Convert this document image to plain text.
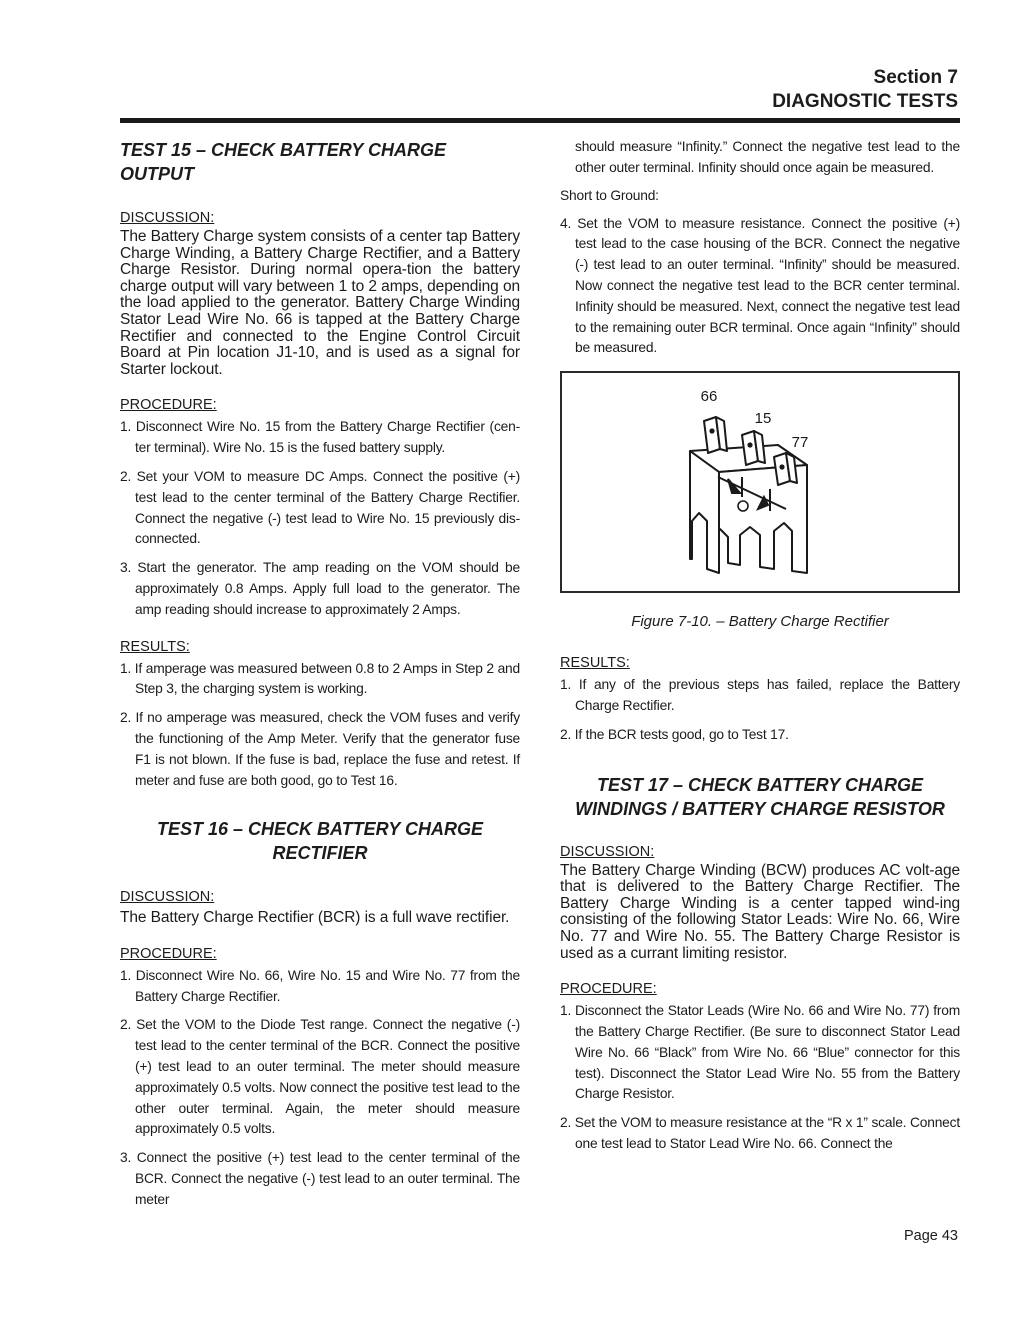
Section 7
DIAGNOSTIC TESTS
TEST 15 – CHECK BATTERY CHARGE OUTPUT

DISCUSSION:

The Battery Charge system consists of a center tap Battery Charge Winding, a Battery Charge Rectifier, and a Battery Charge Resistor. During normal opera-tion the battery charge output will vary between 1 to 2 amps, depending on the load applied to the generator. Battery Charge Winding Stator Lead Wire No. 66 is tapped at the Battery Charge Rectifier and connected to the Engine Control Circuit Board at Pin location J1-10, and is used as a signal for Starter lockout.

PROCEDURE:

1. Disconnect Wire No. 15 from the Battery Charge Rectifier (cen-ter terminal). Wire No. 15 is the fused battery supply.
2. Set your VOM to measure DC Amps. Connect the positive (+) test lead to the center terminal of the Battery Charge Rectifier. Connect the negative (-) test lead to Wire No. 15 previously dis-connected.
3. Start the generator. The amp reading on the VOM should be approximately 0.8 Amps. Apply full load to the generator. The amp reading should increase to approximately 2 Amps.

RESULTS:

1. If amperage was measured between 0.8 to 2 Amps in Step 2 and Step 3, the charging system is working.
2. If no amperage was measured, check the VOM fuses and verify the functioning of the Amp Meter. Verify that the generator fuse F1 is not blown. If the fuse is bad, replace the fuse and retest. If meter and fuse are both good, go to Test 16.
TEST 16 – CHECK BATTERY CHARGE
RECTIFIER

DISCUSSION:

The Battery Charge Rectifier (BCR) is a full wave rectifier.

PROCEDURE:

1. Disconnect Wire No. 66, Wire No. 15 and Wire No. 77 from the Battery Charge Rectifier.
2. Set the VOM to the Diode Test range. Connect the negative (-) test lead to the center terminal of the BCR. Connect the positive (+) test lead to an outer terminal. The meter should measure approximately 0.5 volts. Now connect the positive test lead to the other outer terminal. Again, the meter should measure approximately 0.5 volts.
3. Connect the positive (+) test lead to the center terminal of the BCR. Connect the negative (-) test lead to an outer terminal. The meter
should measure “Infinity.” Connect the negative test lead to the other outer terminal. Infinity should once again be measured.

Short to Ground:

4. Set the VOM to measure resistance. Connect the positive (+) test lead to the case housing of the BCR. Connect the negative (-) test lead to an outer terminal. “Infinity” should be measured. Now connect the negative test lead to the BCR center terminal. Infinity should be measured. Next, connect the negative test lead to the remaining outer BCR terminal. Once again “Infinity” should be measured.
66
15
77

Figure 7-10. – Battery Charge Rectifier

RESULTS:

1. If any of the previous steps has failed, replace the Battery Charge Rectifier.
2. If the BCR tests good, go to Test 17.
TEST 17 – CHECK BATTERY CHARGE
WINDINGS / BATTERY CHARGE RESISTOR

DISCUSSION:

The Battery Charge Winding (BCW) produces AC volt-age that is delivered to the Battery Charge Rectifier. The Battery Charge Winding is a center tapped wind-ing consisting of the following Stator Leads: Wire No. 66, Wire No. 77 and Wire No. 55. The Battery Charge Resistor is used as a currant limiting resistor.

PROCEDURE:

1. Disconnect the Stator Leads (Wire No. 66 and Wire No. 77) from the Battery Charge Rectifier. (Be sure to disconnect Stator Lead Wire No. 66 “Black” from Wire No. 66 “Blue” connector for this test). Disconnect the Stator Lead Wire No. 55 from the Battery Charge Resistor.
2. Set the VOM to measure resistance at the “R x 1” scale. Connect one test lead to Stator Lead Wire No. 66. Connect the
Page 43
